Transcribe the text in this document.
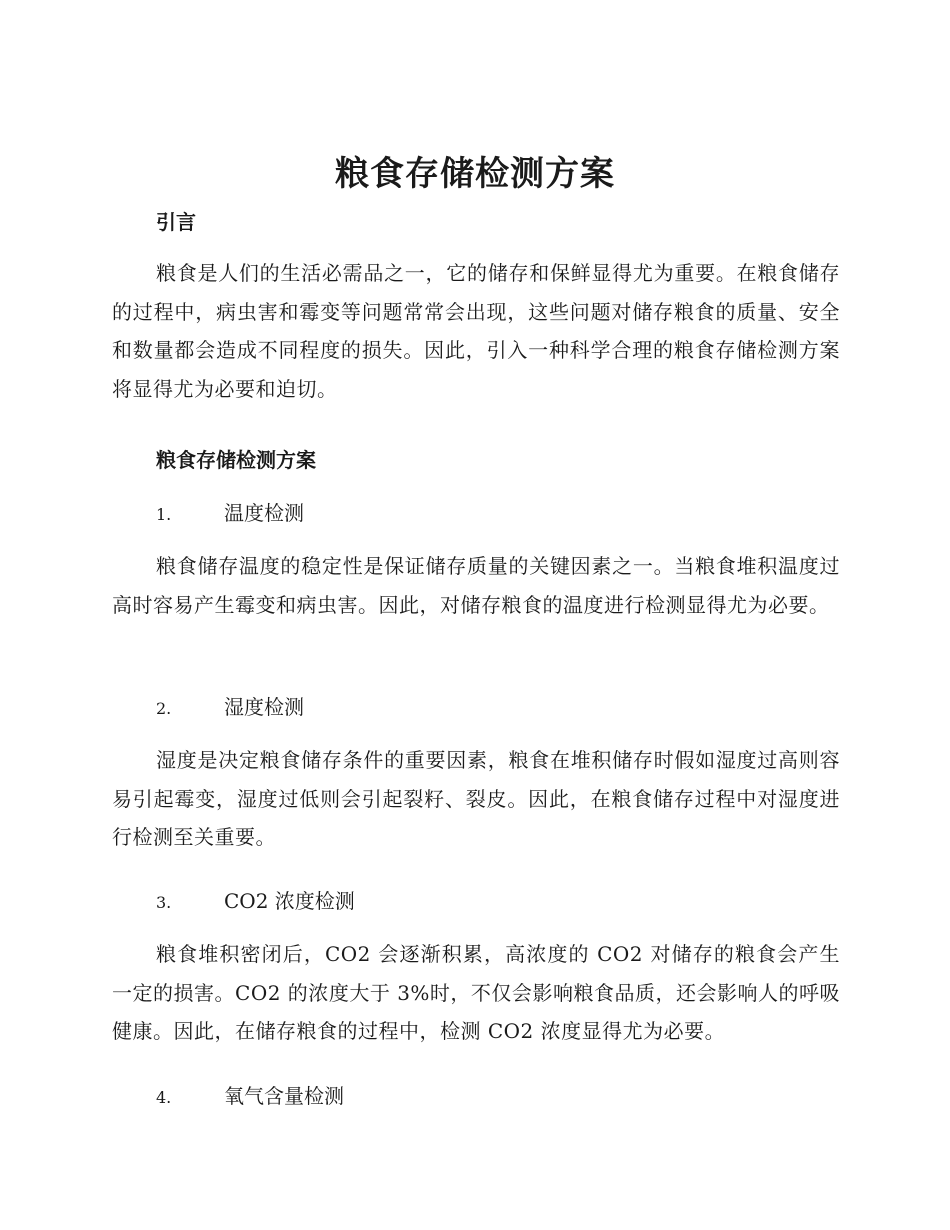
粮食存储检测方案
引言

粮食是人们的生活必需品之一，它的储存和保鲜显得尤为重要。在粮食储存的过程中，病虫害和霉变等问题常常会出现，这些问题对储存粮食的质量、安全和数量都会造成不同程度的损失。因此，引入一种科学合理的粮食存储检测方案将显得尤为必要和迫切。

粮食存储检测方案
1.	温度检测

粮食储存温度的稳定性是保证储存质量的关键因素之一。当粮食堆积温度过高时容易产生霉变和病虫害。因此，对储存粮食的温度进行检测显得尤为必要。

2.	湿度检测

湿度是决定粮食储存条件的重要因素，粮食在堆积储存时假如湿度过高则容易引起霉变，湿度过低则会引起裂籽、裂皮。因此，在粮食储存过程中对湿度进行检测至关重要。

3.	CO2 浓度检测

粮食堆积密闭后，CO2 会逐渐积累，高浓度的 CO2 对储存的粮食会产生一定的损害。CO2 的浓度大于 3%时，不仅会影响粮食品质，还会影响人的呼吸健康。因此，在储存粮食的过程中，检测 CO2 浓度显得尤为必要。

4.	氧气含量检测
